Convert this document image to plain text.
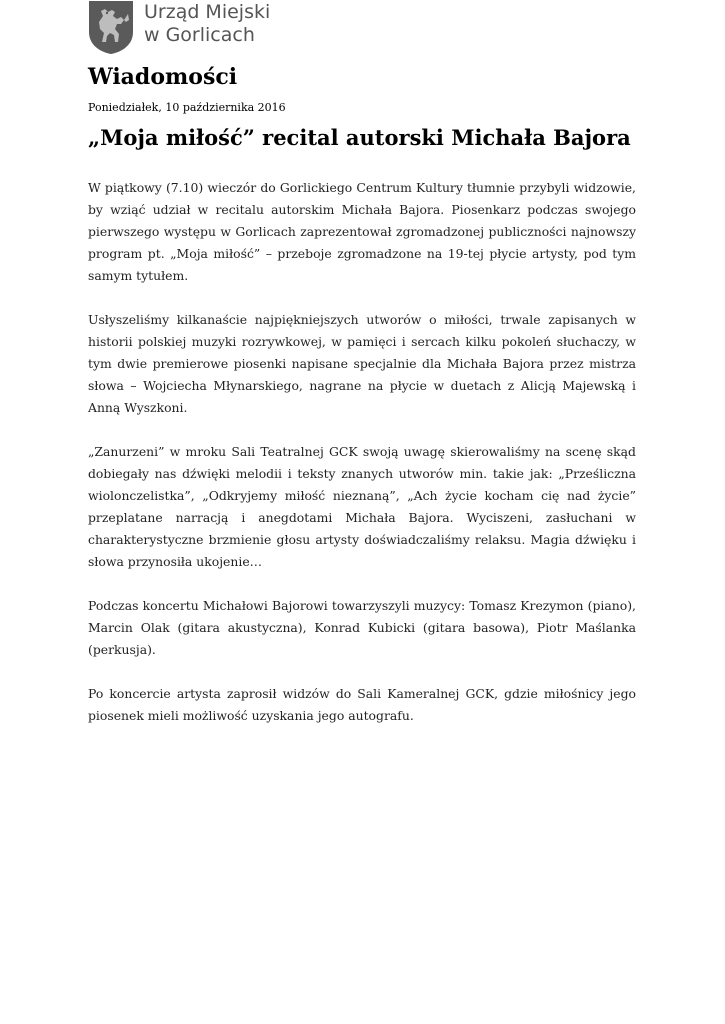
Urząd Miejski
w Gorlicach
Wiadomości
Poniedziałek, 10 października 2016
„Moja miłość” recital autorski Michała Bajora

W piątkowy (7.10) wieczór do Gorlickiego Centrum Kultury tłumnie przybyli widzowie, by wziąć udział w recitalu autorskim Michała Bajora. Piosenkarz podczas swojego pierwszego występu w Gorlicach zaprezentował zgromadzonej publiczności najnowszy program pt. „Moja miłość” – przeboje zgromadzone na 19-tej płycie artysty, pod tym samym tytułem.

Usłyszeliśmy kilkanaście najpiękniejszych utworów o miłości, trwale zapisanych w historii polskiej muzyki rozrywkowej, w pamięci i sercach kilku pokoleń słuchaczy, w tym dwie premierowe piosenki napisane specjalnie dla Michała Bajora przez mistrza słowa – Wojciecha Młynarskiego, nagrane na płycie w duetach z Alicją Majewską i Anną Wyszkoni.

„Zanurzeni” w mroku Sali Teatralnej GCK swoją uwagę skierowaliśmy na scenę skąd dobiegały nas dźwięki melodii i teksty znanych utworów min. takie jak: „Prześliczna wiolonczelistka”, „Odkryjemy miłość nieznaną”, „Ach życie kocham cię nad życie” przeplatane narracją i anegdotami Michała Bajora. Wyciszeni, zasłuchani w charakterystyczne brzmienie głosu artysty doświadczaliśmy relaksu. Magia dźwięku i słowa przynosiła ukojenie…

Podczas koncertu Michałowi Bajorowi towarzyszyli muzycy: Tomasz Krezymon (piano), Marcin Olak (gitara akustyczna), Konrad Kubicki (gitara basowa), Piotr Maślanka (perkusja).

Po koncercie artysta zaprosił widzów do Sali Kameralnej GCK, gdzie miłośnicy jego piosenek mieli możliwość uzyskania jego autografu.
